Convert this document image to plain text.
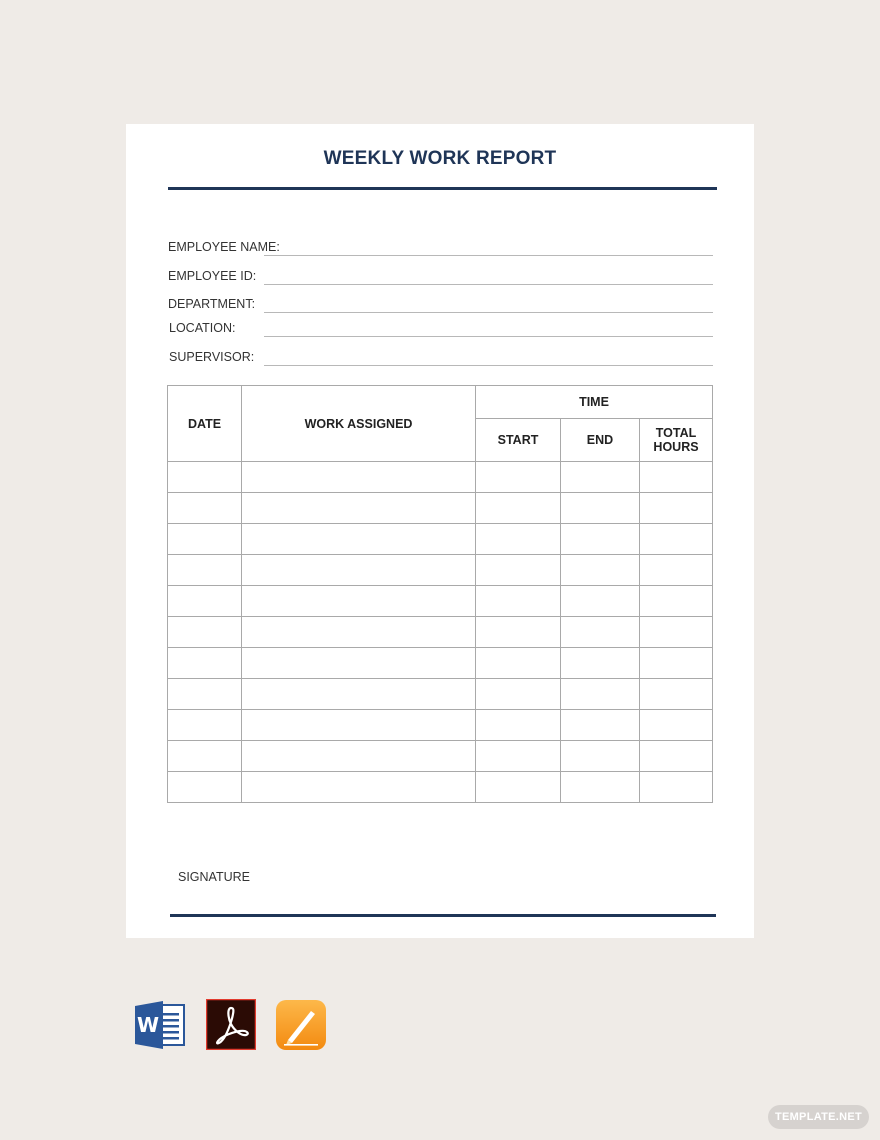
WEEKLY WORK REPORT
EMPLOYEE NAME:
EMPLOYEE ID:
DEPARTMENT:
LOCATION:
SUPERVISOR:
DATE	WORK ASSIGNED	TIME		
		START	END	TOTAL
HOURS

SIGNATURE
W
TEMPLATE.NET
